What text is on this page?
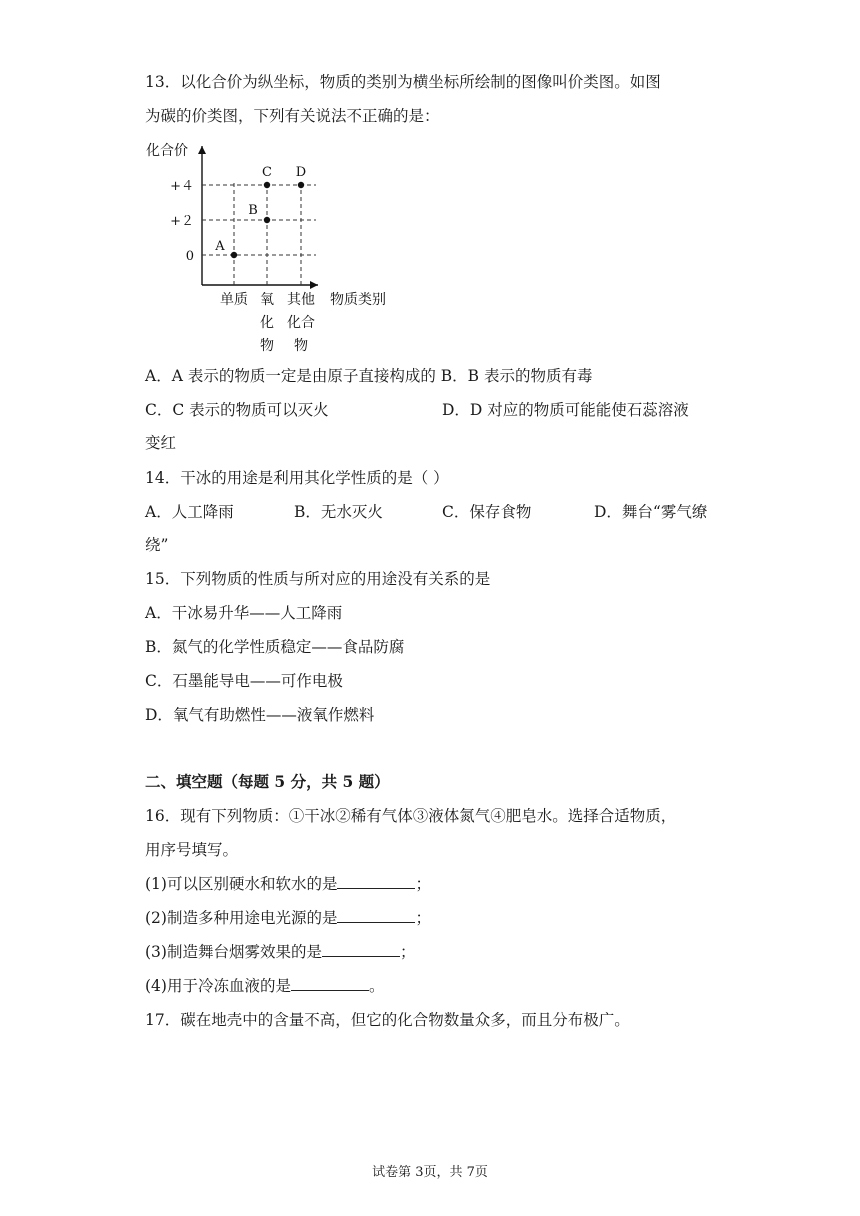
13．以化合价为纵坐标，物质的类别为横坐标所绘制的图像叫价类图。如图
为碳的价类图，下列有关说法不正确的是：
化合价
物质类别
+４
+２
0
单质 氧
化
物
其他
化合
物
A
B
C D
A．A 表示的物质一定是由原子直接构成的 B．B 表示的物质有毒
C．C 表示的物质可以灭火	D．D 对应的物质可能能使石蕊溶液
变红
14．干冰的用途是利用其化学性质的是（ ）
A．人工降雨	B．无水灭火	C．保存食物	D．舞台“雾气缭
绕”
15．下列物质的性质与所对应的用途没有关系的是
A．干冰易升华——人工降雨
B．氮气的化学性质稳定——食品防腐
C．石墨能导电——可作电极
D．氧气有助燃性——液氧作燃料
二、填空题（每题 5 分，共 5 题）
16．现有下列物质：①干冰②稀有气体③液体氮气④肥皂水。选择合适物质，
用序号填写。
(1)可以区别硬水和软水的是	；
(2)制造多种用途电光源的是	；
(3)制造舞台烟雾效果的是	；
(4)用于冷冻血液的是	。
17．碳在地壳中的含量不高，但它的化合物数量众多，而且分布极广。
试卷第 3页，共 7页
